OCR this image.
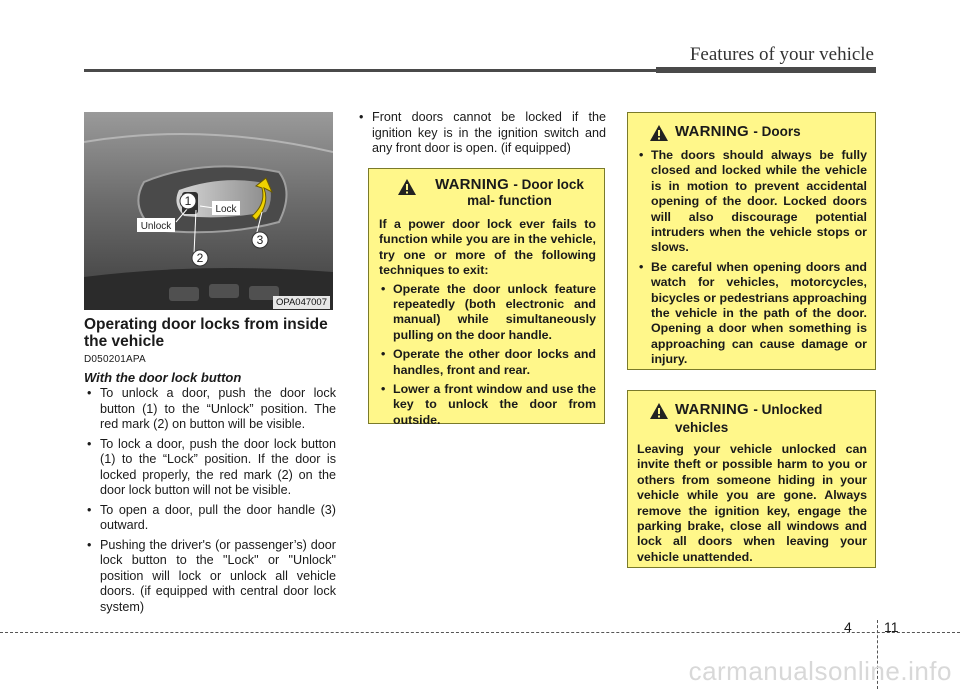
Features of your vehicle
1
2
3
Unlock
Lock
OPA047007
Operating door locks from inside the vehicle
D050201APA
With the door lock button
• To unlock a door, push the door lock button (1) to the “Unlock” position. The red mark (2) on button will be visible.
• To lock a door, push the door lock button (1) to the “Lock” position. If the door is locked properly, the red mark (2) on the door lock button will not be visible.
• To open a door, pull the door handle (3) outward.
• Pushing the driver's (or passenger’s) door lock button to the "Lock" or "Unlock" position will lock or unlock all vehicle doors. (if equipped with central door lock system)
• Front doors cannot be locked if the ignition key is in the ignition switch and any front door is open. (if equipped)
WARNING - Door lock mal- function

If a power door lock ever fails to function while you are in the vehicle, try one or more of the following techniques to exit:

• Operate the door unlock feature repeatedly (both electronic and manual) while simultaneously pulling on the door handle.
• Operate the other door locks and handles, front and rear.
• Lower a front window and use the key to unlock the door from outside.
WARNING - Doors
• The doors should always be fully closed and locked while the vehicle is in motion to prevent accidental opening of the door. Locked doors will also discourage potential intruders when the vehicle stops or slows.
• Be careful when opening doors and watch for vehicles, motorcycles, bicycles or pedestrians approaching the vehicle in the path of the door. Opening a door when something is approaching can cause damage or injury.
WARNING - Unlocked vehicles

Leaving your vehicle unlocked can invite theft or possible harm to you or others from someone hiding in your vehicle while you are gone. Always remove the ignition key, engage the parking brake, close all windows and lock all doors when leaving your vehicle unattended.

4 11
carmanualsonline.info
